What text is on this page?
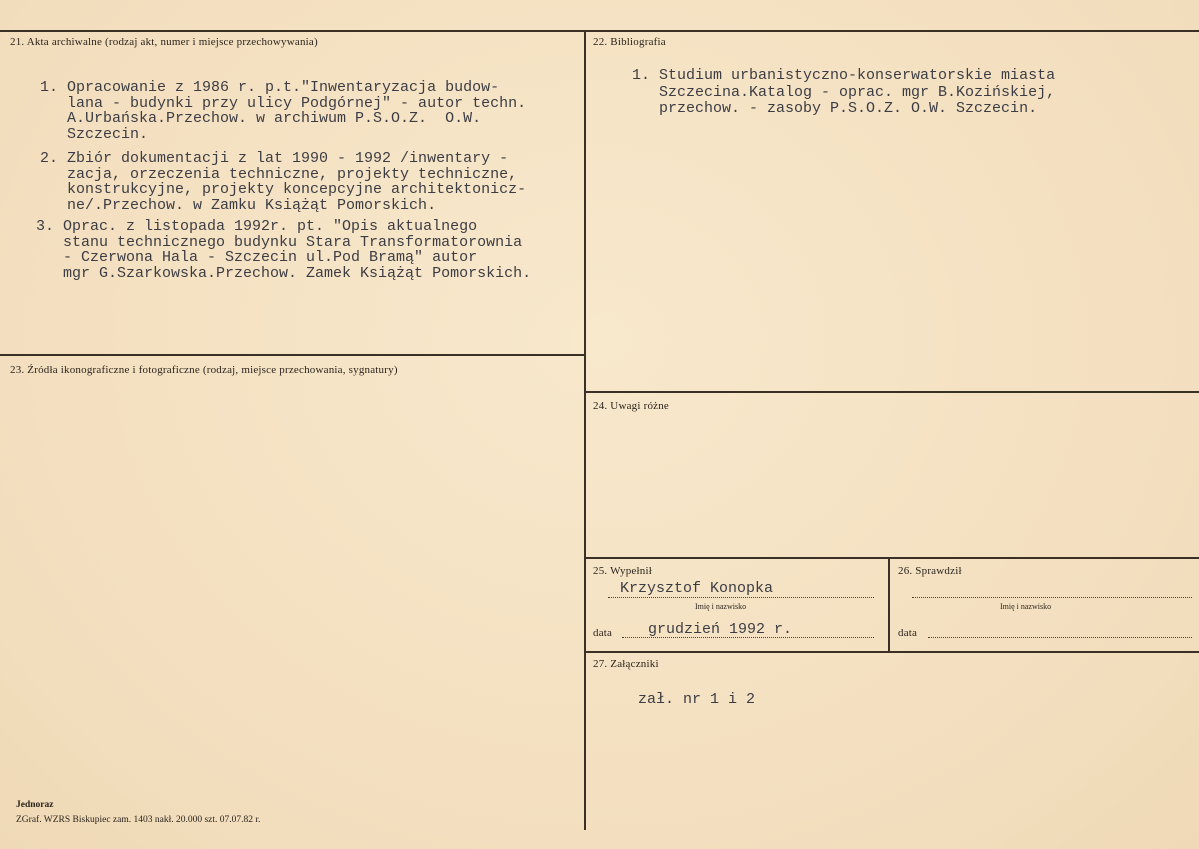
21. Akta archiwalne (rodzaj akt, numer i miejsce przechowywania)
1. Opracowanie z 1986 r. p.t."Inwentaryzacja budow-
lana - budynki przy ulicy Podgórnej" - autor techn.
A.Urbańska.Przechow. w archiwum P.S.O.Z.  O.W.
Szczecin.
2. Zbiór dokumentacji z lat 1990 - 1992 /inwentary -
zacja, orzeczenia techniczne, projekty techniczne,
konstrukcyjne, projekty koncepcyjne architektonicz-
ne/.Przechow. w Zamku Książąt Pomorskich.
3. Oprac. z listopada 1992r. pt. "Opis aktualnego
stanu technicznego budynku Stara Transformatorownia
- Czerwona Hala - Szczecin ul.Pod Bramą" autor
mgr G.Szarkowska.Przechow. Zamek Książąt Pomorskich.
22. Bibliografia
1. Studium urbanistyczno-konserwatorskie miasta
Szczecina.Katalog - oprac. mgr B.Kozińskiej,
przechow. - zasoby P.S.O.Z. O.W. Szczecin.
23. Źródła ikonograficzne i fotograficzne (rodzaj, miejsce przechowania, sygnatury)
24. Uwagi różne
25. Wypełnił
Krzysztof Konopka
Imię i nazwisko
data grudzień 1992 r.
26. Sprawdził
Imię i nazwisko
data
27. Załączniki
zał. nr 1 i 2
Jednoraz
ZGraf. WZRS Biskupiec zam. 1403 nakł. 20.000 szt. 07.07.82 r.
